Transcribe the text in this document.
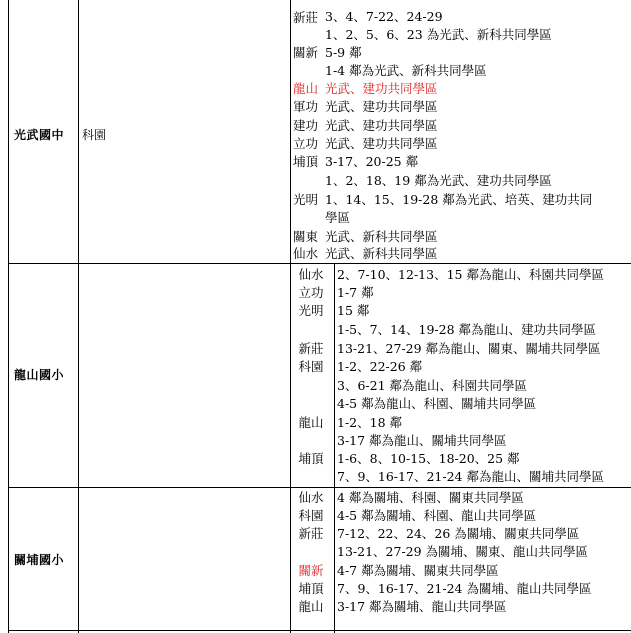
光武國中	科園
新莊
關新
龍山
軍功
建功
立功
埔頂
光明
關東
仙水
3、4、7-22、24-29
1、2、5、6、23 為光武、新科共同學區
5-9 鄰
1-4 鄰為光武、新科共同學區
光武、建功共同學區
光武、建功共同學區
光武、建功共同學區
光武、建功共同學區
3-17、20-25 鄰
1、2、18、19 鄰為光武、建功共同學區
1、14、15、19-28 鄰為光武、培英、建功共同
學區
光武、新科共同學區
光武、新科共同學區
龍山國小
仙水
立功
光明
新莊
科園
龍山
埔頂
2、7-10、12-13、15 鄰為龍山、科園共同學區
1-7 鄰
15 鄰
1-5、7、14、19-28 鄰為龍山、建功共同學區
13-21、27-29 鄰為龍山、關東、關埔共同學區
1-2、22-26 鄰
3、6-21 鄰為龍山、科園共同學區
4-5 鄰為龍山、科園、關埔共同學區
1-2、18 鄰
3-17 鄰為龍山、關埔共同學區
1-6、8、10-15、18-20、25 鄰
7、9、16-17、21-24 鄰為龍山、關埔共同學區
關埔國小
仙水
科園
新莊
關新
埔頂
龍山
4 鄰為關埔、科園、關東共同學區
4-5 鄰為關埔、科園、龍山共同學區
7-12、22、24、26 為關埔、關東共同學區
13-21、27-29 為關埔、關東、龍山共同學區
4-7 鄰為關埔、關東共同學區
7、9、16-17、21-24 為關埔、龍山共同學區
3-17 鄰為關埔、龍山共同學區
